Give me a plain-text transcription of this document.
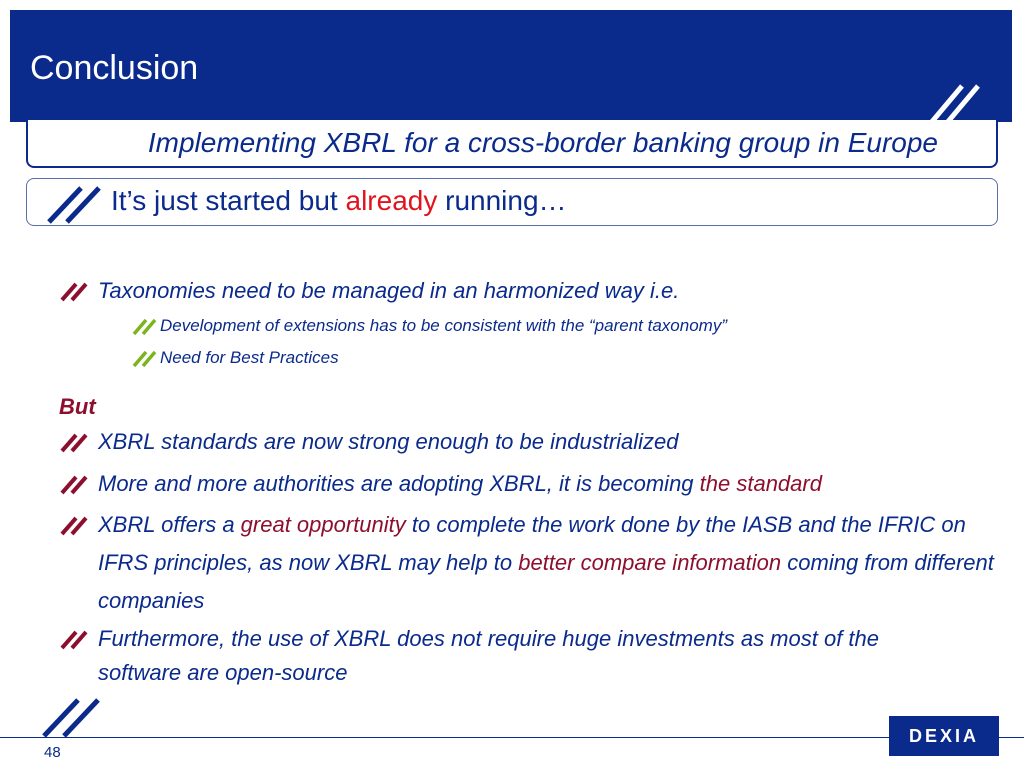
Conclusion
Implementing XBRL for a cross-border banking group in Europe
It’s just started but already running…
Taxonomies need to be managed in an harmonized way i.e.
Development of extensions has to be consistent with the “parent taxonomy”
Need for Best Practices
But
XBRL standards are now strong enough to be industrialized
More and more authorities are adopting XBRL, it is becoming the standard
XBRL offers a great opportunity to complete the work done by the IASB and the IFRIC on IFRS principles, as now XBRL may help to better compare information coming from different companies
Furthermore, the use of XBRL does not require huge investments as most of the software are open-source
48
DEXIA
